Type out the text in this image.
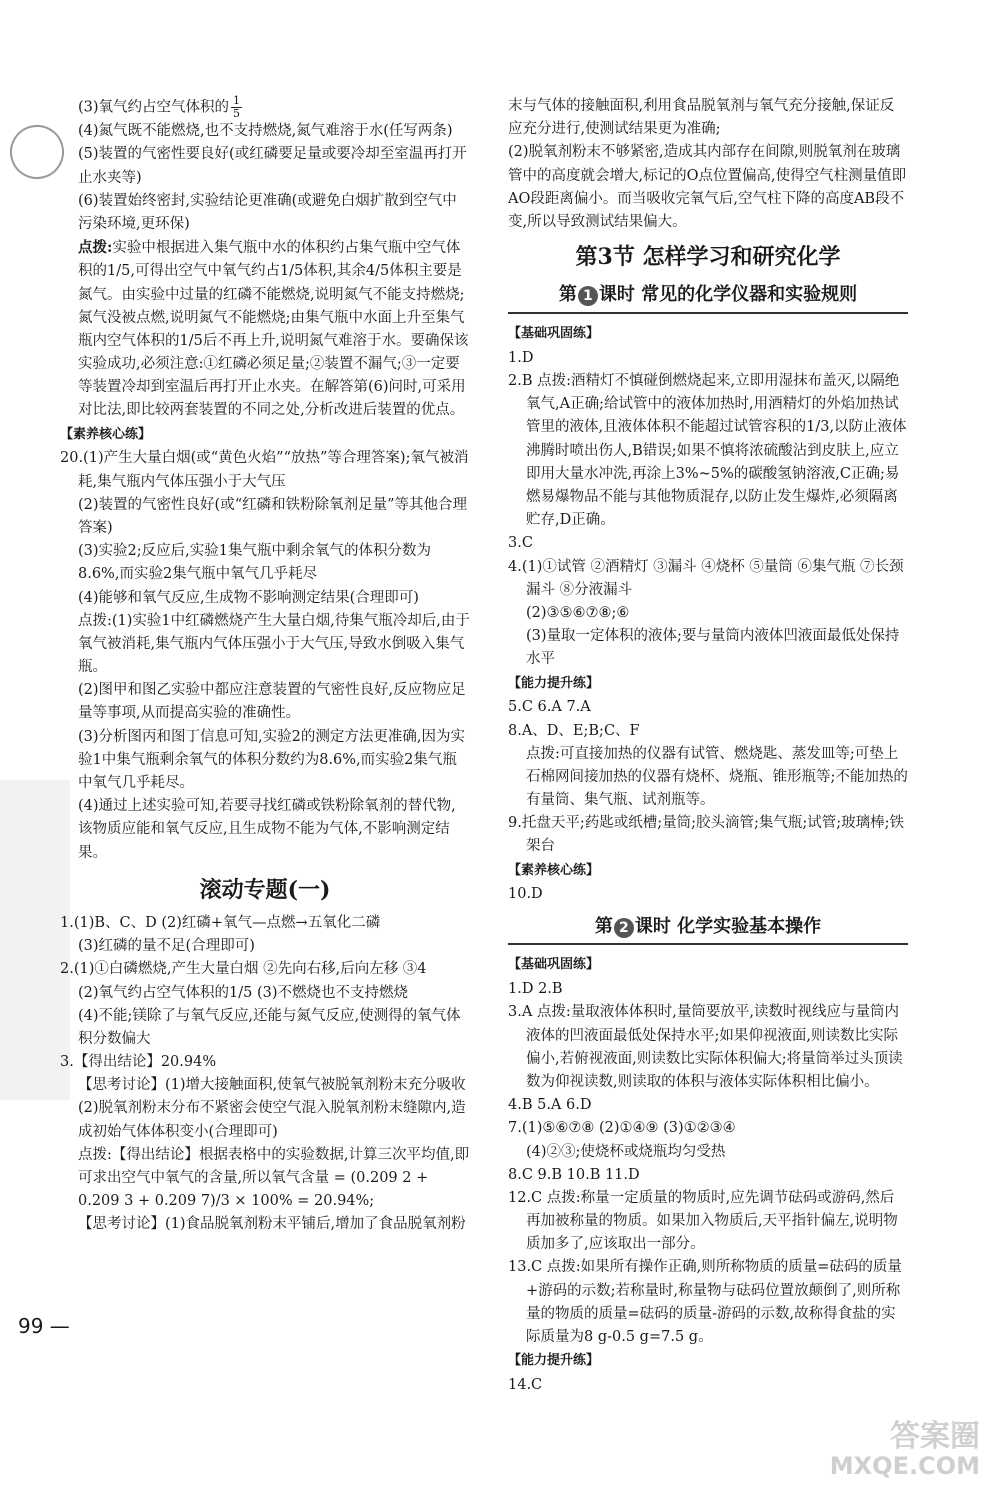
(3)氧气约占空气体积的 $\frac{1}{5}$

(4)氮气既不能燃烧,也不支持燃烧,氮气难溶于水(任写两条)

(5)装置的气密性要良好(或红磷要足量或要冷却至室温再打开止水夹等)

(6)装置始终密封,实验结论更准确(或避免白烟扩散到空气中污染环境,更环保)

点拨:实验中根据进入集气瓶中水的体积约占集气瓶中空气体积的1/5,可得出空气中氧气约占1/5体积,其余4/5体积主要是氮气。由实验中过量的红磷不能燃烧,说明氮气不能支持燃烧;氮气没被点燃,说明氮气不能燃烧;由集气瓶中水面上升至集气瓶内空气体积的1/5后不再上升,说明氮气难溶于水。要确保该实验成功,必须注意:①红磷必须足量;②装置不漏气;③一定要等装置冷却到室温后再打开止水夹。在解答第(6)问时,可采用对比法,即比较两套装置的不同之处,分析改进后装置的优点。

【素养核心练】

20.(1)产生大量白烟(或“黄色火焰”“放热”等合理答案);氧气被消耗,集气瓶内气体压强小于大气压

(2)装置的气密性良好(或“红磷和铁粉除氧剂足量”等其他合理答案)

(3)实验2;反应后,实验1集气瓶中剩余氧气的体积分数为8.6%,而实验2集气瓶中氧气几乎耗尽

(4)能够和氧气反应,生成物不影响测定结果(合理即可)

点拨:(1)实验1中红磷燃烧产生大量白烟,待集气瓶冷却后,由于氧气被消耗,集气瓶内气体压强小于大气压,导致水倒吸入集气瓶。

(2)图甲和图乙实验中都应注意装置的气密性良好,反应物应足量等事项,从而提高实验的准确性。

(3)分析图丙和图丁信息可知,实验2的测定方法更准确,因为实验1中集气瓶剩余氧气的体积分数约为8.6%,而实验2集气瓶中氧气几乎耗尽。

(4)通过上述实验可知,若要寻找红磷或铁粉除氧剂的替代物,该物质应能和氧气反应,且生成物不能为气体,不影响测定结果。

滚动专题(一)

1.(1)B、C、D (2)红磷+氧气—点燃→五氧化二磷

(3)红磷的量不足(合理即可)

2.(1)①白磷燃烧,产生大量白烟 ②先向右移,后向左移 ③4

(2)氧气约占空气体积的1/5 (3)不燃烧也不支持燃烧

(4)不能;镁除了与氧气反应,还能与氮气反应,使测得的氧气体积分数偏大

3.【得出结论】20.94%

【思考讨论】(1)增大接触面积,使氧气被脱氧剂粉末充分吸收

(2)脱氧剂粉末分布不紧密会使空气混入脱氧剂粉末缝隙内,造成初始气体体积变小(合理即可)

点拨:【得出结论】根据表格中的实验数据,计算三次平均值,即可求出空气中氧气的含量,所以氧气含量 = (0.209 2 + 0.209 3 + 0.209 7)/3 × 100% = 20.94%;

【思考讨论】(1)食品脱氧剂粉末平铺后,增加了食品脱氧剂粉

末与气体的接触面积,利用食品脱氧剂与氧气充分接触,保证反应充分进行,使测试结果更为准确;

(2)脱氧剂粉末不够紧密,造成其内部存在间隙,则脱氧剂在玻璃管中的高度就会增大,标记的O点位置偏高,使得空气柱测量值即AO段距离偏小。而当吸收完氧气后,空气柱下降的高度AB段不变,所以导致测试结果偏大。

第3节 怎样学习和研究化学

第 1 课时 常见的化学仪器和实验规则

【基础巩固练】

1.D

2.B 点拨:酒精灯不慎碰倒燃烧起来,立即用湿抹布盖灭,以隔绝氧气,A正确;给试管中的液体加热时,用酒精灯的外焰加热试管里的液体,且液体体积不能超过试管容积的1/3,以防止液体沸腾时喷出伤人,B错误;如果不慎将浓硫酸沾到皮肤上,应立即用大量水冲洗,再涂上3%~5%的碳酸氢钠溶液,C正确;易燃易爆物品不能与其他物质混存,以防止发生爆炸,必须隔离贮存,D正确。

3.C

4.(1)①试管 ②酒精灯 ③漏斗 ④烧杯 ⑤量筒 ⑥集气瓶 ⑦长颈漏斗 ⑧分液漏斗

(2)③⑤⑥⑦⑧;⑥

(3)量取一定体积的液体;要与量筒内液体凹液面最低处保持水平

【能力提升练】

5.C 6.A 7.A

8.A、D、E;B;C、F

点拨:可直接加热的仪器有试管、燃烧匙、蒸发皿等;可垫上石棉网间接加热的仪器有烧杯、烧瓶、锥形瓶等;不能加热的有量筒、集气瓶、试剂瓶等。

9.托盘天平;药匙或纸槽;量筒;胶头滴管;集气瓶;试管;玻璃棒;铁架台

【素养核心练】

10.D

第 2 课时 化学实验基本操作

【基础巩固练】

1.D 2.B

3.A 点拨:量取液体体积时,量筒要放平,读数时视线应与量筒内液体的凹液面最低处保持水平;如果仰视液面,则读数比实际偏小,若俯视液面,则读数比实际体积偏大;将量筒举过头顶读数为仰视读数,则读取的体积与液体实际体积相比偏小。

4.B 5.A 6.D

7.(1)⑤⑥⑦⑧ (2)①④⑨ (3)①②③④

(4)②③;使烧杯或烧瓶均匀受热

8.C 9.B 10.B 11.D

12.C 点拨:称量一定质量的物质时,应先调节砝码或游码,然后再加被称量的物质。如果加入物质后,天平指针偏左,说明物质加多了,应该取出一部分。

13.C 点拨:如果所有操作正确,则所称物质的质量=砝码的质量+游码的示数;若称量时,称量物与砝码位置放颠倒了,则所称量的物质的质量=砝码的质量-游码的示数,故称得食盐的实际质量为8 g-0.5 g=7.5 g。

【能力提升练】

14.C

99 —
答案圈
MXQE.COM
